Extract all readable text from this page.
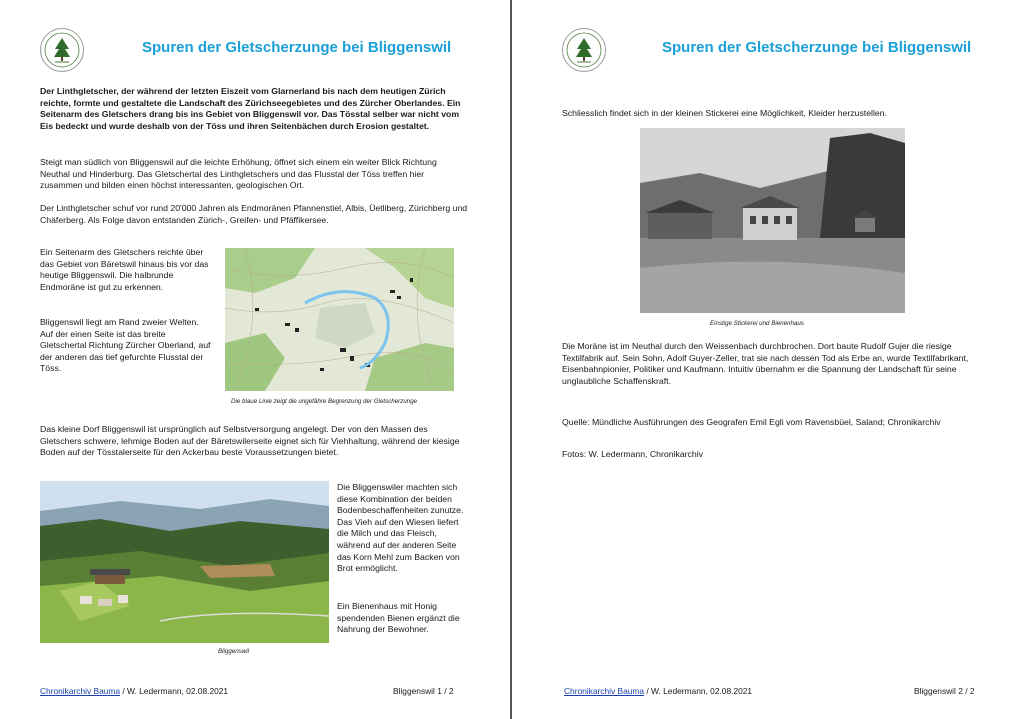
Spuren der Gletscherzunge bei Bliggenswil

Der Linthgletscher, der während der letzten Eiszeit vom Glarnerland bis nach dem heutigen Zürich reichte, formte und gestaltete die Landschaft des Zürichseegebietes und des Zürcher Oberlandes. Ein Seitenarm des Gletschers drang bis ins Gebiet von Bliggenswil vor. Das Tösstal selber war nicht vom Eis bedeckt und wurde deshalb von der Töss und ihren Seitenbächen durch Erosion gestaltet.

Steigt man südlich von Bliggenswil auf die leichte Erhöhung, öffnet sich einem ein weiter Blick Richtung Neuthal und Hinderburg. Das Gletschertal des Linthgletschers und das Flusstal der Töss treffen hier zusammen und bilden einen höchst interessanten, geologischen Ort.

Der Linthgletscher schuf vor rund 20'000 Jahren als Endmoränen Pfannenstiel, Albis, Üetliberg, Zürichberg und Chäferberg. Als Folge davon entstanden Zürich-, Greifen- und Pfäffikersee.

Ein Seitenarm des Gletschers reichte über das Gebiet von Bäretswil hinaus bis vor das heutige Bliggenswil. Die halbrunde Endmoräne ist gut zu erkennen.

Bliggenswil liegt am Rand zweier Welten. Auf der einen Seite ist das breite Gletschertal Richtung Zürcher Oberland, auf der anderen das tief gefurchte Flusstal der Töss.

Die blaue Linie zeigt die ungefähre Begrenzung der Gletscherzunge

Das kleine Dorf Bliggenswil ist ursprünglich auf Selbstversorgung angelegt. Der von den Massen des Gletschers schwere, lehmige Boden auf der Bäretswilerseite eignet sich für Viehhaltung, während der kiesige Boden auf der Tösstalerseite für den Ackerbau beste Voraussetzungen bietet.

Bliggenswil

Die Bliggenswiler machten sich diese Kombination der beiden Bodenbeschaffenheiten zunutze. Das Vieh auf den Wiesen liefert die Milch und das Fleisch, während auf der anderen Seite das Korn Mehl zum Backen von Brot ermöglicht.

Ein Bienenhaus mit Honig spendenden Bienen ergänzt die Nahrung der Bewohner.

Chronikarchiv Bauma / W. Ledermann, 02.08.2021	Bliggenswil 1 / 2
Spuren der Gletscherzunge bei Bliggenswil

Schliesslich findet sich in der kleinen Stickerei eine Möglichkeit, Kleider herzustellen.

Einstige Stickerei und Bienenhaus

Die Moräne ist im Neuthal durch den Weissenbach durchbrochen. Dort baute Rudolf Gujer die riesige Textilfabrik auf. Sein Sohn, Adolf Guyer-Zeller, trat sie nach dessen Tod als Erbe an, wurde Textilfabrikant, Eisenbahnpionier, Politiker und Kaufmann. Intuitiv übernahm er die Spannung der Landschaft für seine unglaubliche Schaffenskraft.

Quelle: Mündliche Ausführungen des Geografen Emil Egli vom Ravensbüel, Saland; Chronikarchiv

Fotos: W. Ledermann, Chronikarchiv

Chronikarchiv Bauma / W. Ledermann, 02.08.2021	Bliggenswil 2 / 2
